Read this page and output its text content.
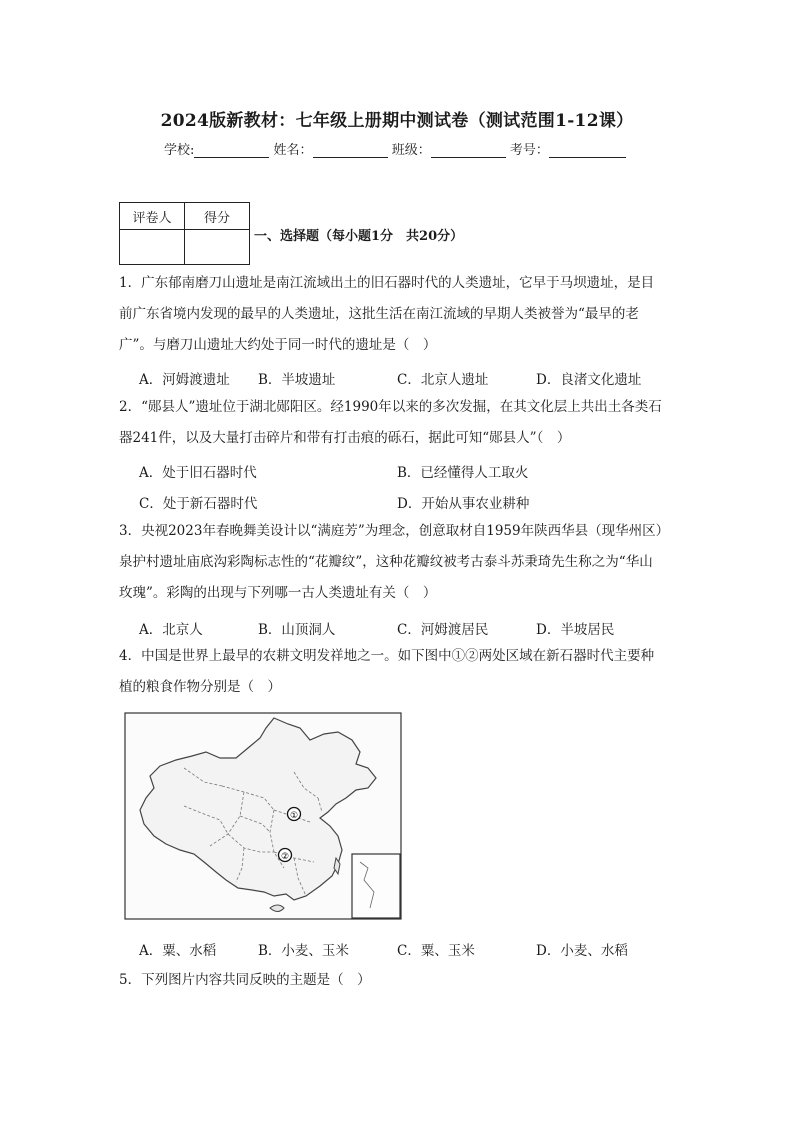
2024版新教材：七年级上册期中测试卷（测试范围1-12课）
学校:	姓名：	班级：	考号：
评卷人	得分

一、选择题（每小题1分　共20分）
1．广东郁南磨刀山遗址是南江流域出土的旧石器时代的人类遗址，它早于马坝遗址，是目
前广东省境内发现的最早的人类遗址，这批生活在南江流域的早期人类被誉为“最早的老
广”。与磨刀山遗址大约处于同一时代的遗址是（　）
A．河姆渡遗址 B．半坡遗址	C．北京人遗址	D．良渚文化遗址
2．“郧县人”遗址位于湖北郧阳区。经1990年以来的多次发掘，在其文化层上共出土各类石
器241件，以及大量打击碎片和带有打击痕的砾石，据此可知“郧县人”（　）
A．处于旧石器时代	B．已经懂得人工取火
C．处于新石器时代	D．开始从事农业耕种
3．央视2023年春晚舞美设计以“满庭芳”为理念，创意取材自1959年陕西华县（现华州区）
泉护村遗址庙底沟彩陶标志性的“花瓣纹”，这种花瓣纹被考古泰斗苏秉琦先生称之为“华山
玫瑰”。彩陶的出现与下列哪一古人类遗址有关（　）
A．北京人	B．山顶洞人	C．河姆渡居民	D．半坡居民
4．中国是世界上最早的农耕文明发祥地之一。如下图中①②两处区域在新石器时代主要种
植的粮食作物分别是（　）
①
②
A．粟、水稻	B．小麦、玉米	C．粟、玉米	D．小麦、水稻
5．下列图片内容共同反映的主题是（　）
